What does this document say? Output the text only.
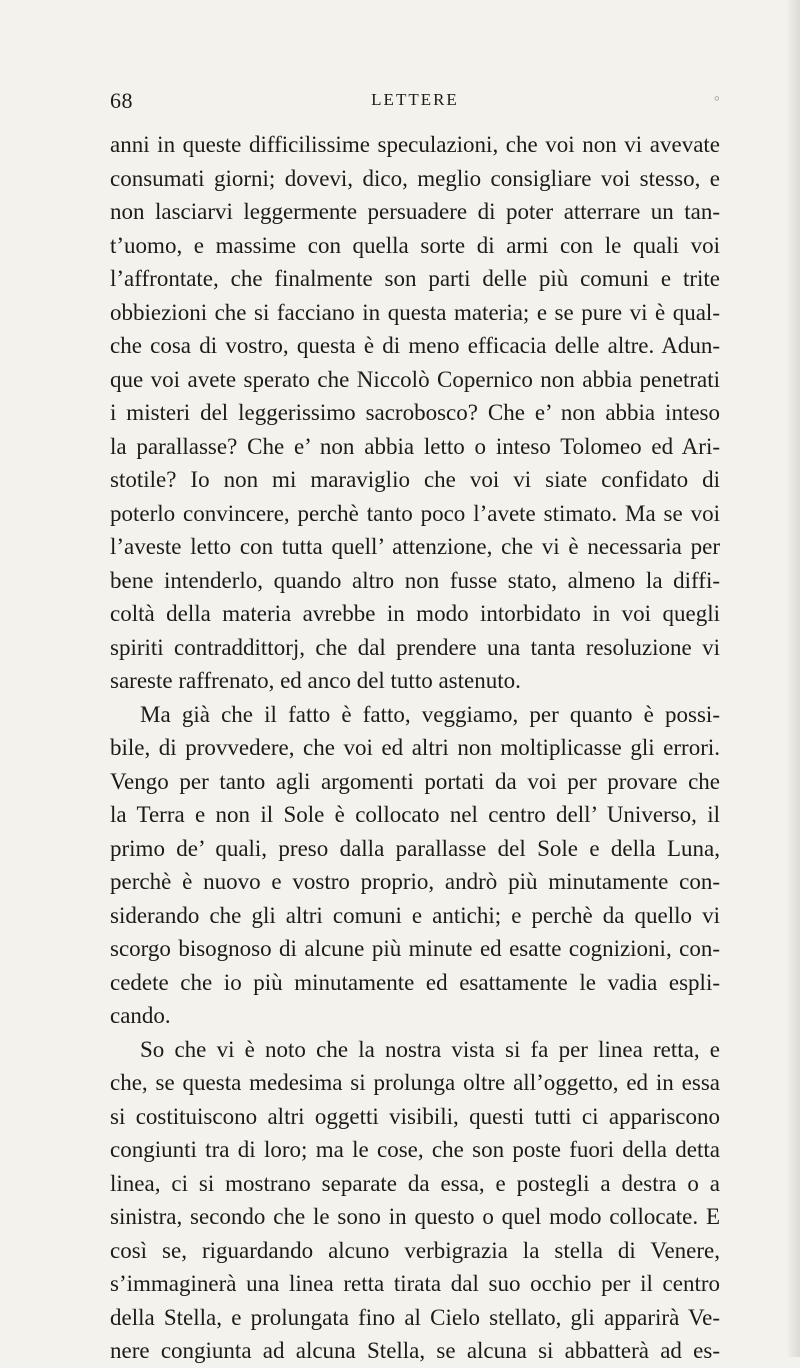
68	LETTERE	◦
anni in queste difficilissime speculazioni, che voi non vi avevate
consumati giorni; dovevi, dico, meglio consigliare voi stesso, e
non lasciarvi leggermente persuadere di poter atterrare un tan-
t’uomo, e massime con quella sorte di armi con le quali voi
l’affrontate, che finalmente son parti delle più comuni e trite
obbiezioni che si facciano in questa materia; e se pure vi è qual-
che cosa di vostro, questa è di meno efficacia delle altre. Adun-
que voi avete sperato che Niccolò Copernico non abbia penetrati
i misteri del leggerissimo sacrobosco? Che e’ non abbia inteso
la parallasse? Che e’ non abbia letto o inteso Tolomeo ed Ari-
stotile? Io non mi maraviglio che voi vi siate confidato di
poterlo convincere, perchè tanto poco l’avete stimato. Ma se voi
l’aveste letto con tutta quell’ attenzione, che vi è necessaria per
bene intenderlo, quando altro non fusse stato, almeno la diffi-
coltà della materia avrebbe in modo intorbidato in voi quegli
spiriti contraddittorj, che dal prendere una tanta resoluzione vi
sareste raffrenato, ed anco del tutto astenuto.
Ma già che il fatto è fatto, veggiamo, per quanto è possi-
bile, di provvedere, che voi ed altri non moltiplicasse gli errori.
Vengo per tanto agli argomenti portati da voi per provare che
la Terra e non il Sole è collocato nel centro dell’ Universo, il
primo de’ quali, preso dalla parallasse del Sole e della Luna,
perchè è nuovo e vostro proprio, andrò più minutamente con-
siderando che gli altri comuni e antichi; e perchè da quello vi
scorgo bisognoso di alcune più minute ed esatte cognizioni, con-
cedete che io più minutamente ed esattamente le vadia espli-
cando.
So che vi è noto che la nostra vista si fa per linea retta, e
che, se questa medesima si prolunga oltre all’oggetto, ed in essa
si costituiscono altri oggetti visibili, questi tutti ci appariscono
congiunti tra di loro; ma le cose, che son poste fuori della detta
linea, ci si mostrano separate da essa, e postegli a destra o a
sinistra, secondo che le sono in questo o quel modo collocate. E
così se, riguardando alcuno verbigrazia la stella di Venere,
s’immaginerà una linea retta tirata dal suo occhio per il centro
della Stella, e prolungata fino al Cielo stellato, gli apparirà Ve-
nere congiunta ad alcuna Stella, se alcuna si abbatterà ad es-
